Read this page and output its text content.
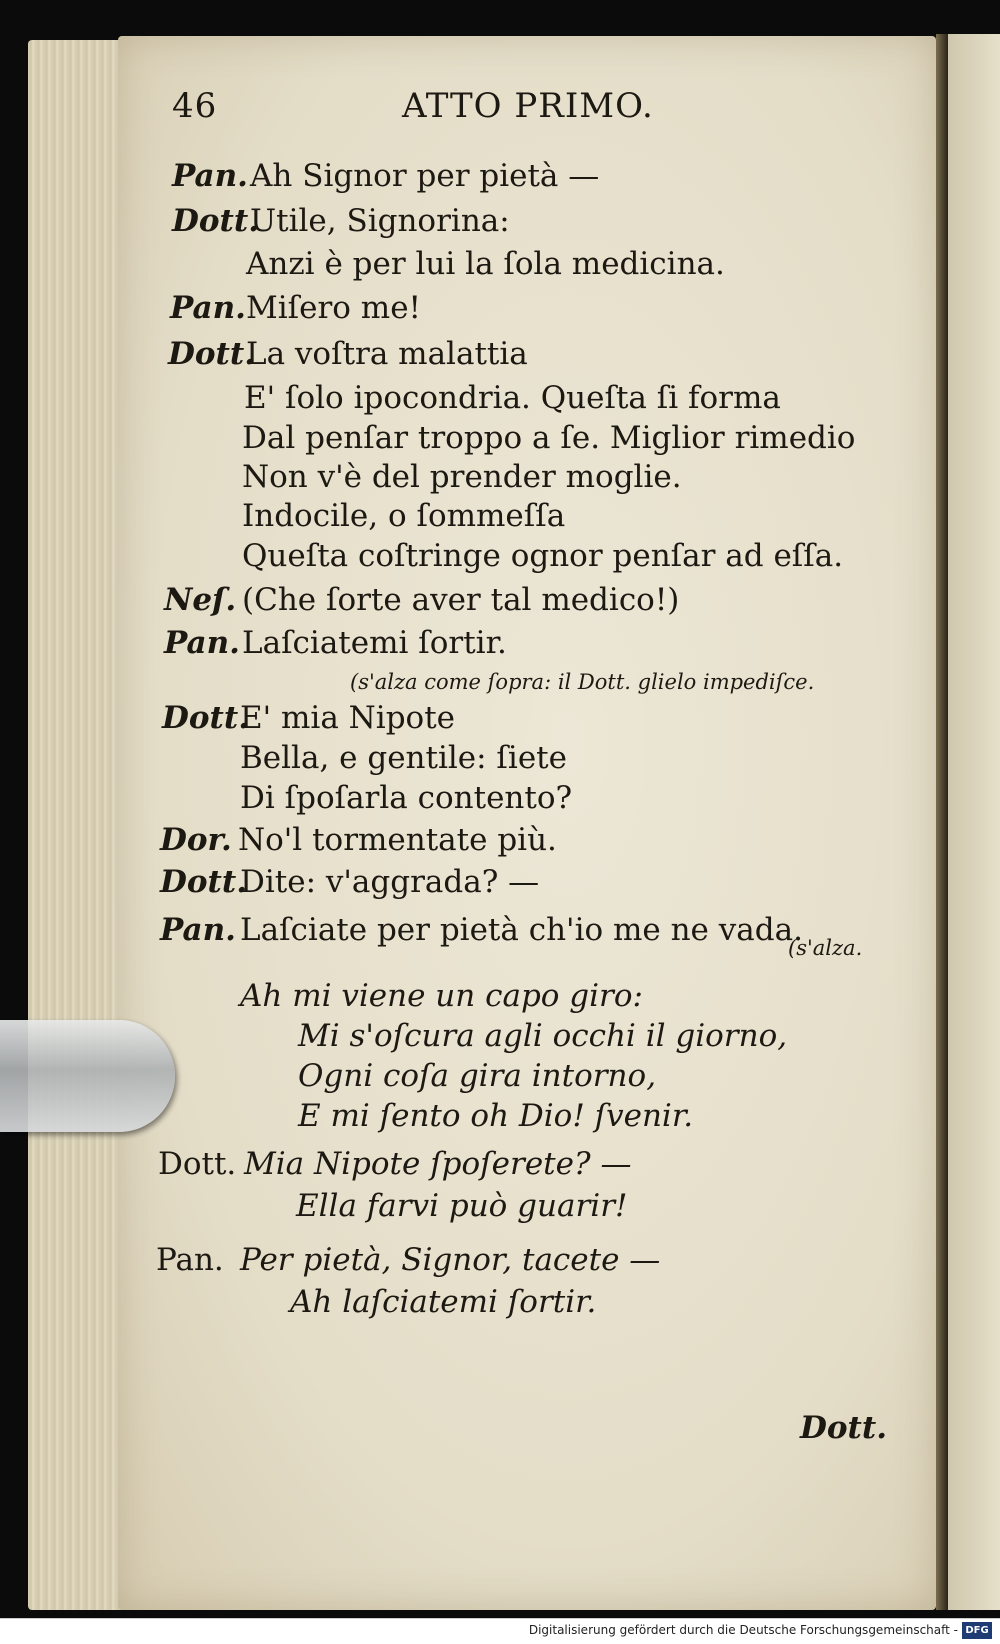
46	ATTO PRIMO.
Pan. Ah Signor per pietà —
Dott.
Utile, Signorina:
Anzi è per lui la ſola medicina.
Pan. Miſero me!
Dott.
La voſtra malattia
E' ſolo ipocondria. Queſta ſi forma
Dal penſar troppo a ſe. Miglior rimedio
Non v'è del prender moglie.
Indocile, o ſommeſſa
Queſta coſtringe ognor penſar ad eſſa.
Neſ. (Che ſorte aver tal medico!)
Pan. Laſciatemi ſortir.
(s'alza come ſopra: il Dott. glielo impediſce.
Dott.
E' mia Nipote
Bella, e gentile: ſiete
Di ſpoſarla contento?
Dor. No'l tormentate più.
Dott.
Dite: v'aggrada? —
Pan. Laſciate per pietà ch'io me ne vada.
(s'alza.
Ah mi viene un capo giro:
Mi s'oſcura agli occhi il giorno,
Ogni coſa gira intorno,
E mi ſento oh Dio! ſvenir.
Dott. Mia Nipote ſpoſerete? —
Ella farvi può guarir!
Pan. Per pietà, Signor, tacete —
Ah laſciatemi ſortir.
Dott.
Digitalisierung gefördert durch die Deutsche Forschungsgemeinschaft - DFG
